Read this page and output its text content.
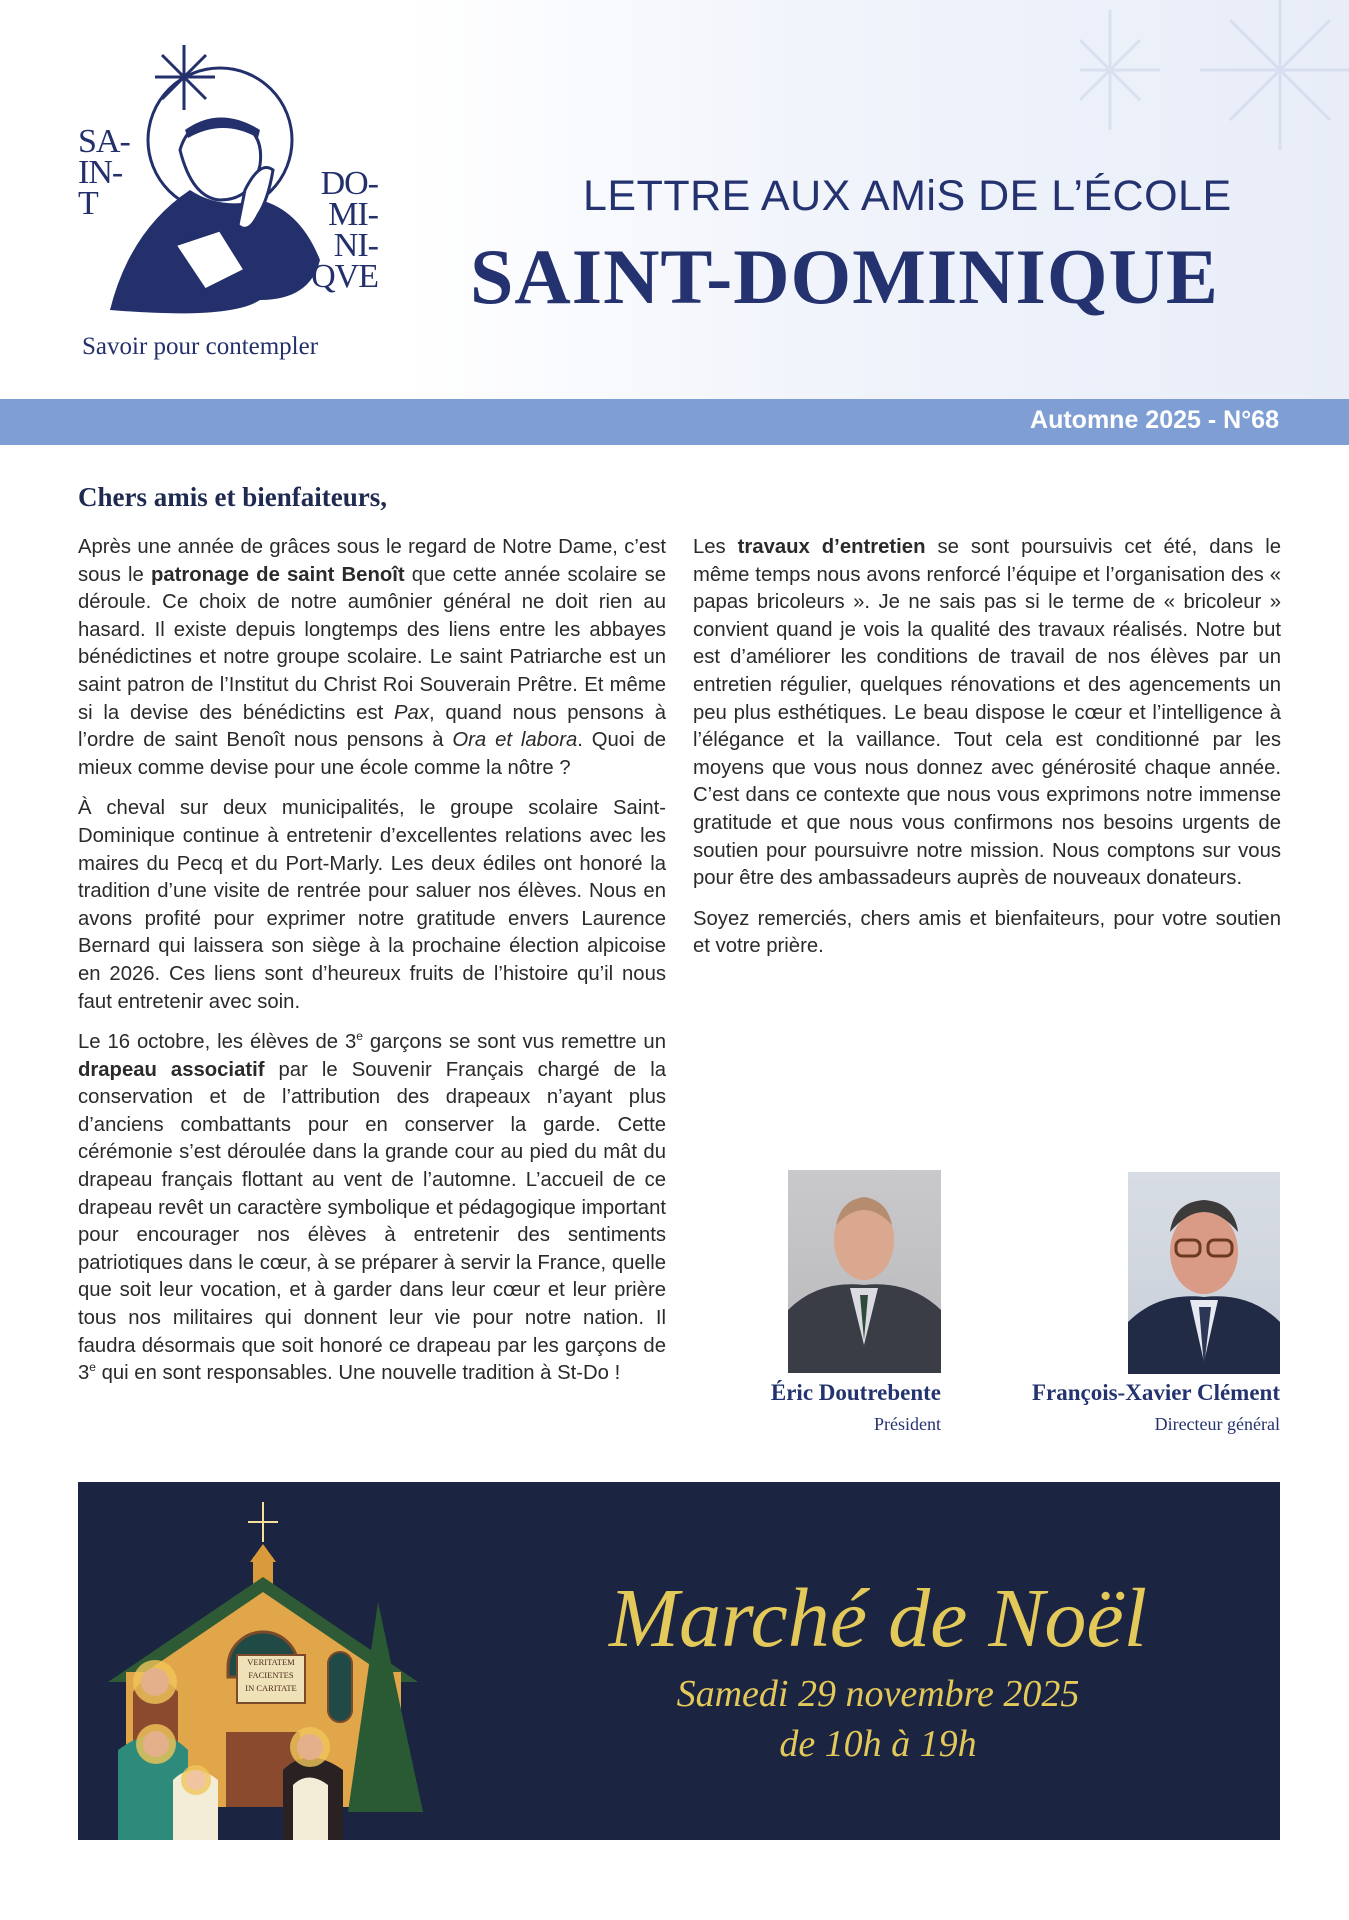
SA-
IN-
T
DO-
MI-
NI-
QVE
Savoir pour contempler
LETTRE AUX AMiS DE L’ÉCOLE
SAINT-DOMINIQUE
Automne 2025 - N°68
Chers amis et bienfaiteurs,

Après une année de grâces sous le regard de Notre Dame, c’est sous le patronage de saint Benoît que cette année scolaire se déroule. Ce choix de notre aumônier général ne doit rien au hasard. Il existe depuis longtemps des liens entre les abbayes bénédictines et notre groupe scolaire. Le saint Patriarche est un saint patron de l’Institut du Christ Roi Souverain Prêtre. Et même si la devise des bénédictins est Pax, quand nous pensons à l’ordre de saint Benoît nous pensons à Ora et labora. Quoi de mieux comme devise pour une école comme la nôtre ?

À cheval sur deux municipalités, le groupe scolaire Saint-Dominique continue à entretenir d’excellentes relations avec les maires du Pecq et du Port-Marly. Les deux édiles ont honoré la tradition d’une visite de rentrée pour saluer nos élèves. Nous en avons profité pour exprimer notre gratitude envers Laurence Bernard qui laissera son siège à la prochaine élection alpicoise en 2026. Ces liens sont d’heureux fruits de l’histoire qu’il nous faut entretenir avec soin.

Le 16 octobre, les élèves de 3e garçons se sont vus remettre un drapeau associatif par le Souvenir Français chargé de la conservation et de l’attribution des drapeaux n’ayant plus d’anciens combattants pour en conserver la garde. Cette cérémonie s’est déroulée dans la grande cour au pied du mât du drapeau français flottant au vent de l’automne. L’accueil de ce drapeau revêt un caractère symbolique et pédagogique important pour encourager nos élèves à entretenir des sentiments patriotiques dans le cœur, à se préparer à servir la France, quelle que soit leur vocation, et à garder dans leur cœur et leur prière tous nos militaires qui donnent leur vie pour notre nation. Il faudra désormais que soit honoré ce drapeau par les garçons de 3e qui en sont responsables. Une nouvelle tradition à St-Do !

Les travaux d’entretien se sont poursuivis cet été, dans le même temps nous avons renforcé l’équipe et l’organisation des « papas bricoleurs ». Je ne sais pas si le terme de « bricoleur » convient quand je vois la qualité des travaux réalisés. Notre but est d’améliorer les conditions de travail de nos élèves par un entretien régulier, quelques rénovations et des agencements un peu plus esthétiques. Le beau dispose le cœur et l’intelligence à l’élégance et la vaillance. Tout cela est conditionné par les moyens que vous nous donnez avec générosité chaque année. C’est dans ce contexte que nous vous exprimons notre immense gratitude et que nous vous confirmons nos besoins urgents de soutien pour poursuivre notre mission. Nous comptons sur vous pour être des ambassadeurs auprès de nouveaux donateurs.

Soyez remerciés, chers amis et bienfaiteurs, pour votre soutien et votre prière.

Éric Doutrebente
Président
François-Xavier Clément
Directeur général
VERITATEM
FACIENTES
IN CARITATE
Marché de Noël
Samedi 29 novembre 2025
de 10h à 19h
